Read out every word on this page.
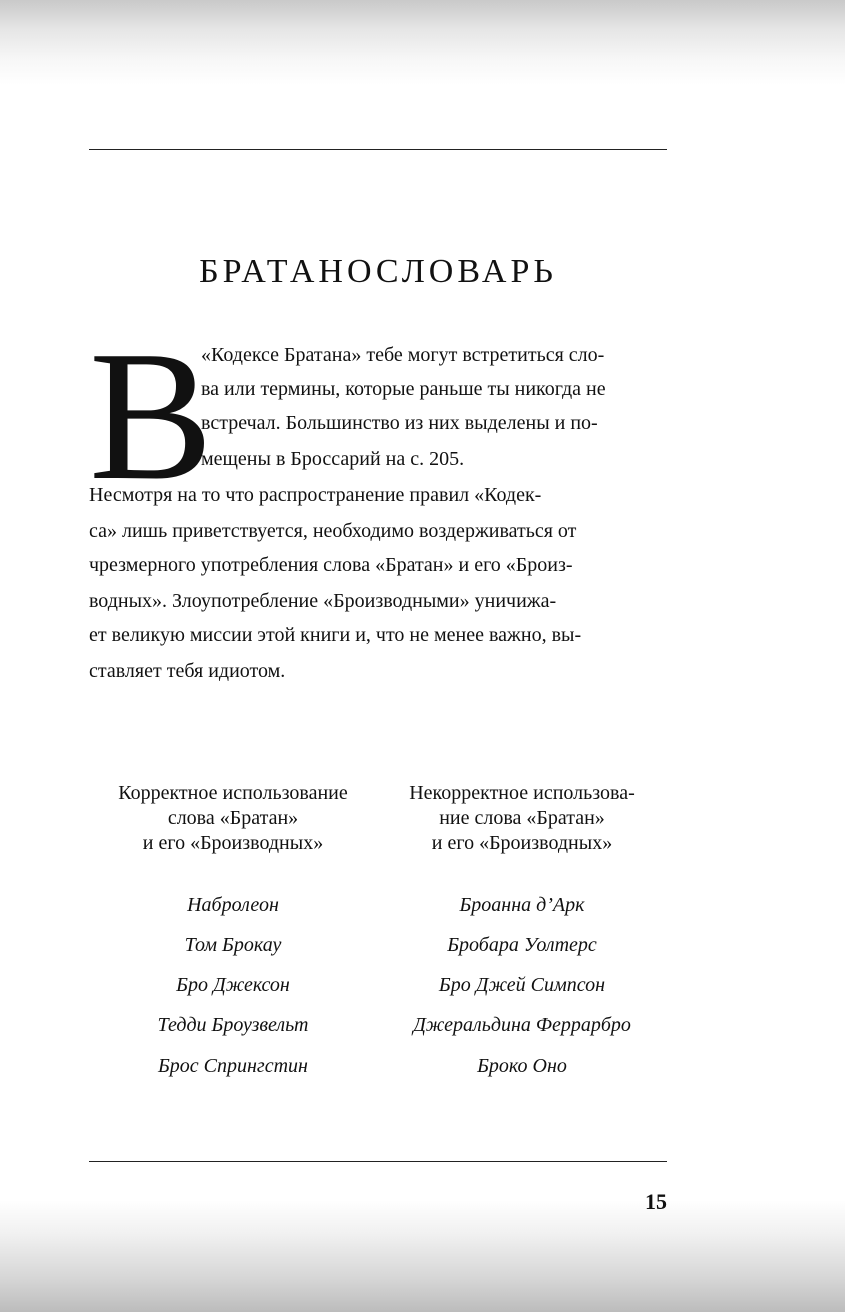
БРАТАНОСЛОВАРЬ
В
«Кодексе Братана» тебе могут встретиться сло-
ва или термины, которые раньше ты никогда не
встречал. Большинство из них выделены и по-
мещены в Броссарий на с. 205.
Несмотря на то что распространение правил «Кодек-
са» лишь приветствуется, необходимо воздерживаться от
чрезмерного употребления слова «Братан» и его «Броиз-
водных». Злоупотребление «Броизводными» уничижа-
ет великую миссии этой книги и, что не менее важно, вы-
ставляет тебя идиотом.
Корректное использование
слова «Братан»
и его «Броизводных»
Некорректное использова-
ние слова «Братан»
и его «Броизводных»
Набролеон
Том Брокау
Бро Джексон
Тедди Броузвельт
Брос Спрингстин
Броанна д’Арк
Бробара Уолтерс
Бро Джей Симпсон
Джеральдина Феррарбро
Броко Оно
15
